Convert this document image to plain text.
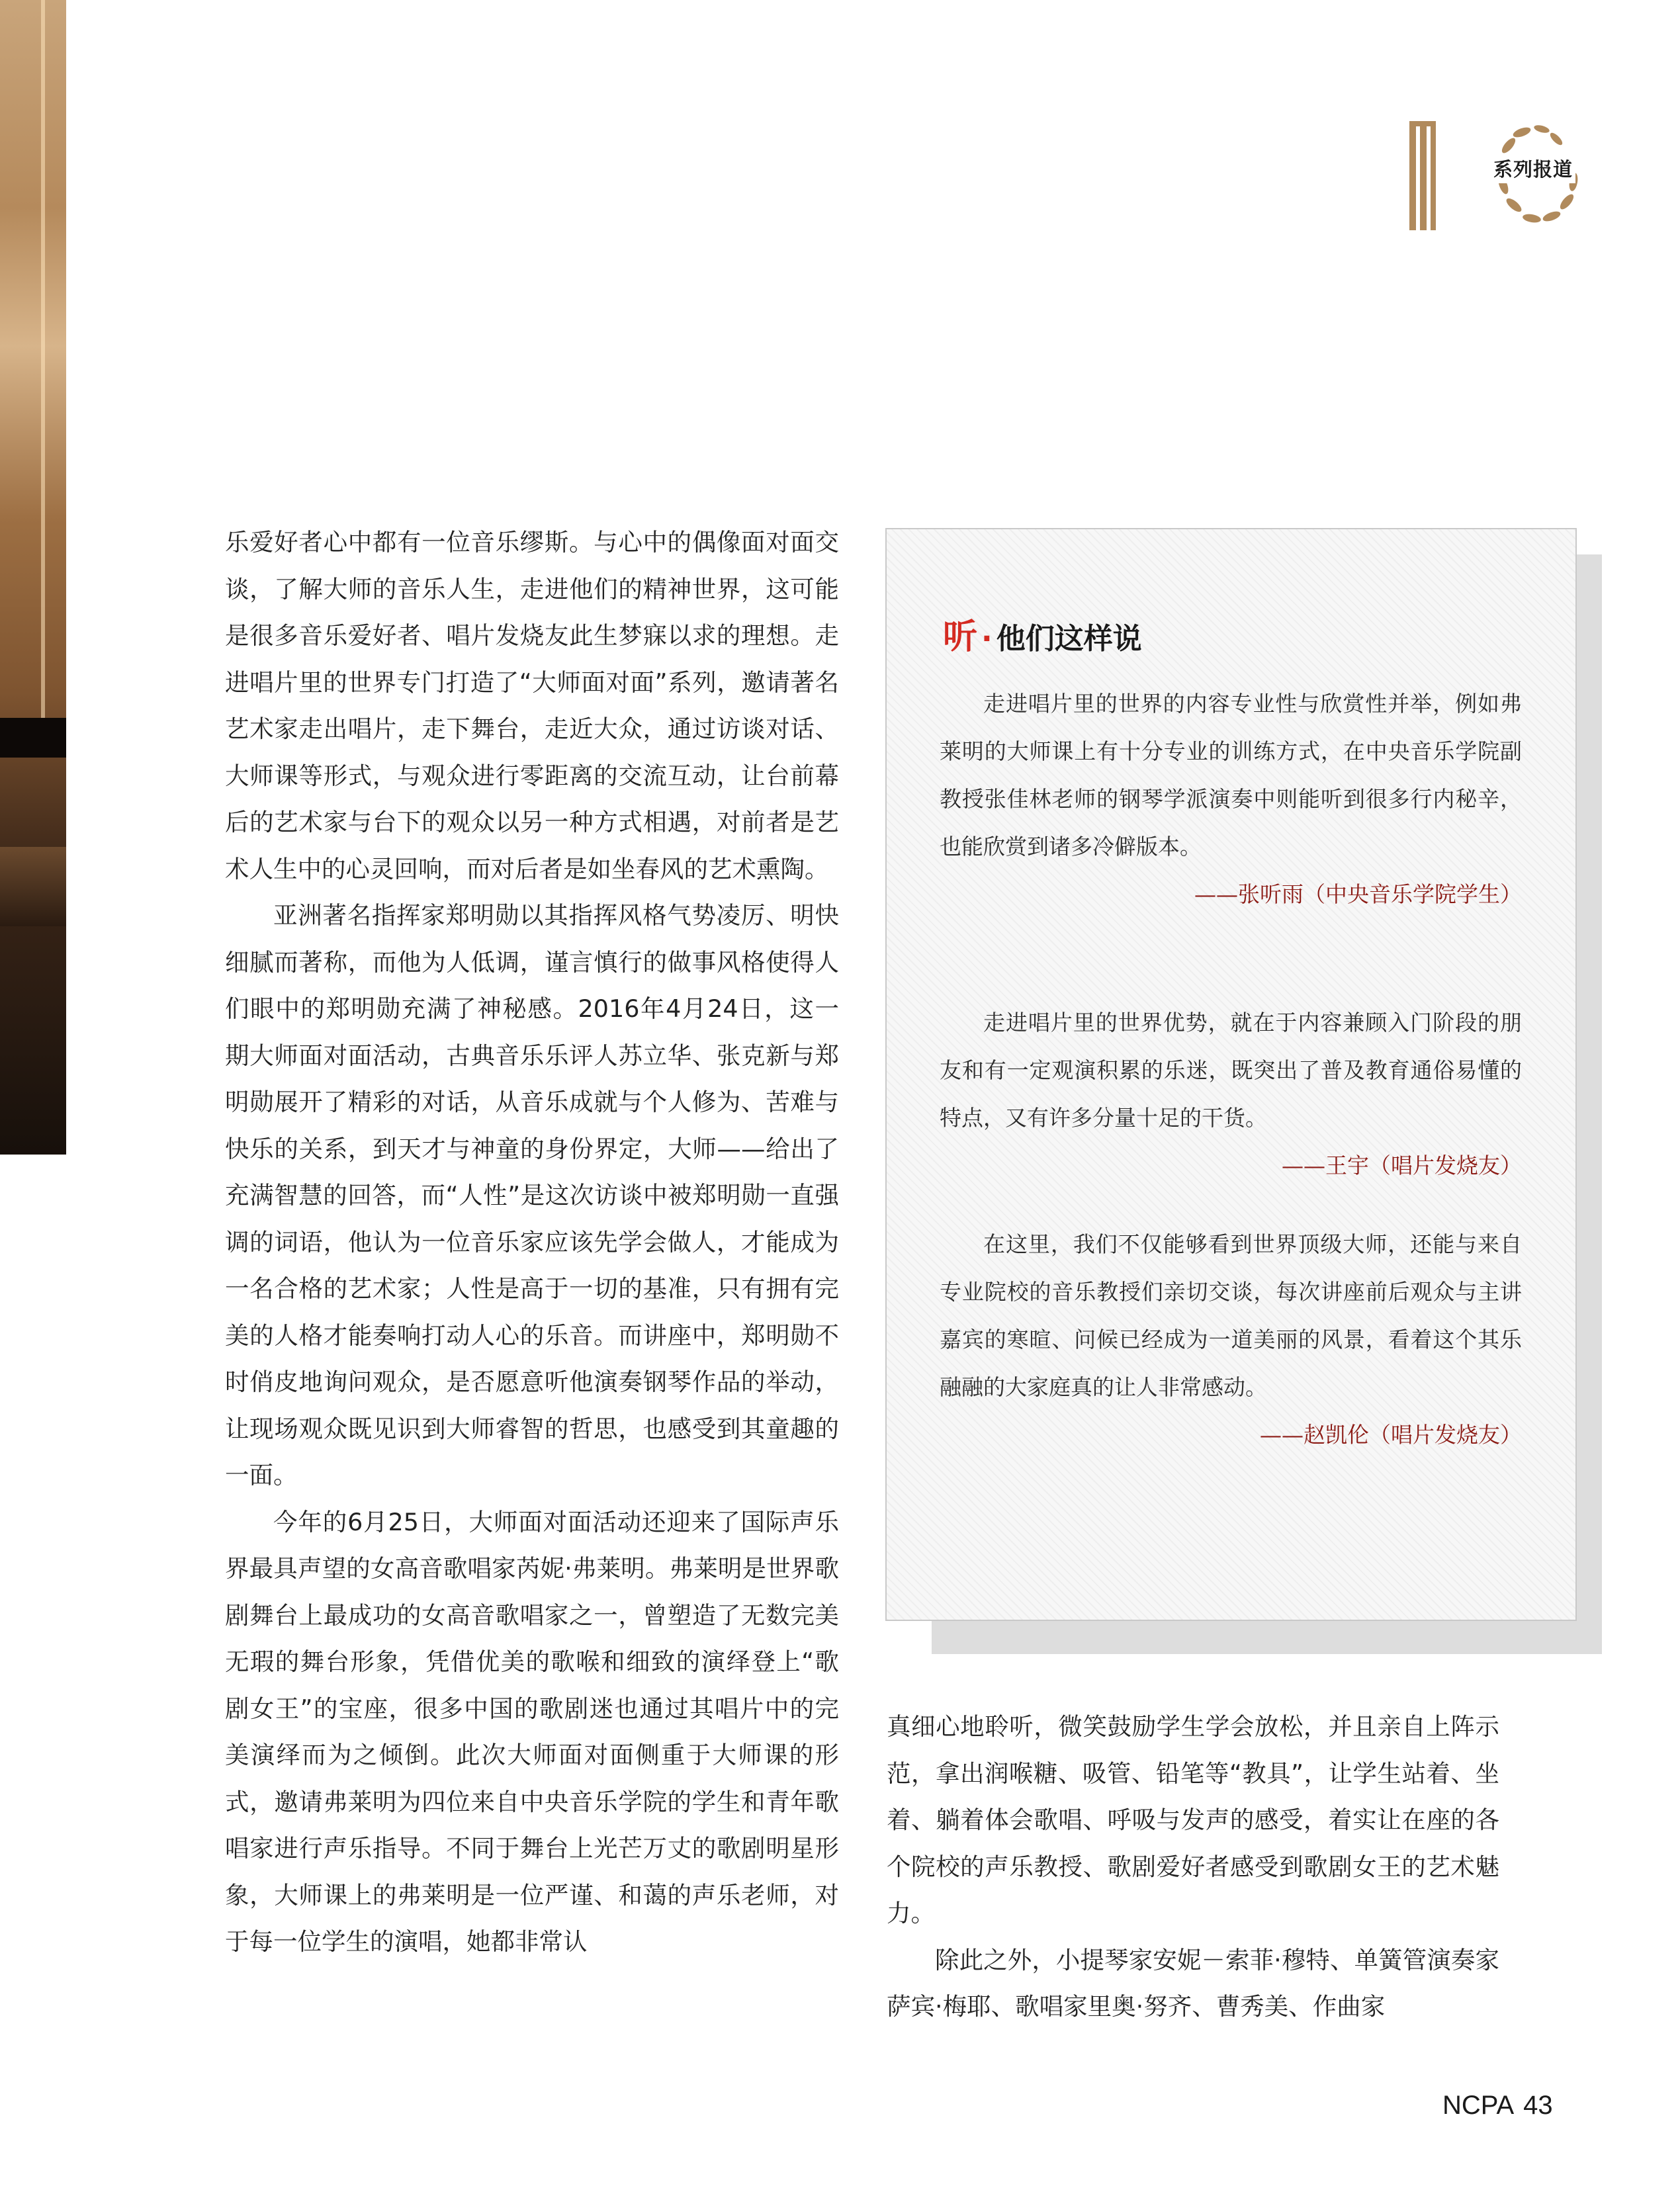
系列报道

乐爱好者心中都有一位音乐缪斯。与心中的偶像面对面交谈，了解大师的音乐人生，走进他们的精神世界，这可能是很多音乐爱好者、唱片发烧友此生梦寐以求的理想。走进唱片里的世界专门打造了“大师面对面”系列，邀请著名艺术家走出唱片，走下舞台，走近大众，通过访谈对话、大师课等形式，与观众进行零距离的交流互动，让台前幕后的艺术家与台下的观众以另一种方式相遇，对前者是艺术人生中的心灵回响，而对后者是如坐春风的艺术熏陶。

亚洲著名指挥家郑明勋以其指挥风格气势凌厉、明快细腻而著称，而他为人低调，谨言慎行的做事风格使得人们眼中的郑明勋充满了神秘感。2016年4月24日，这一期大师面对面活动，古典音乐乐评人苏立华、张克新与郑明勋展开了精彩的对话，从音乐成就与个人修为、苦难与快乐的关系，到天才与神童的身份界定，大师——给出了充满智慧的回答，而“人性”是这次访谈中被郑明勋一直强调的词语，他认为一位音乐家应该先学会做人，才能成为一名合格的艺术家；人性是高于一切的基准，只有拥有完美的人格才能奏响打动人心的乐音。而讲座中，郑明勋不时俏皮地询问观众，是否愿意听他演奏钢琴作品的举动，让现场观众既见识到大师睿智的哲思，也感受到其童趣的一面。

今年的6月25日，大师面对面活动还迎来了国际声乐界最具声望的女高音歌唱家芮妮·弗莱明。弗莱明是世界歌剧舞台上最成功的女高音歌唱家之一，曾塑造了无数完美无瑕的舞台形象，凭借优美的歌喉和细致的演绎登上“歌剧女王”的宝座，很多中国的歌剧迷也通过其唱片中的完美演绎而为之倾倒。此次大师面对面侧重于大师课的形式，邀请弗莱明为四位来自中央音乐学院的学生和青年歌唱家进行声乐指导。不同于舞台上光芒万丈的歌剧明星形象，大师课上的弗莱明是一位严谨、和蔼的声乐老师，对于每一位学生的演唱，她都非常认

听 · 他们这样说

走进唱片里的世界的内容专业性与欣赏性并举，例如弗莱明的大师课上有十分专业的训练方式，在中央音乐学院副教授张佳林老师的钢琴学派演奏中则能听到很多行内秘辛，也能欣赏到诸多冷僻版本。

——张听雨（中央音乐学院学生）

走进唱片里的世界优势，就在于内容兼顾入门阶段的朋友和有一定观演积累的乐迷，既突出了普及教育通俗易懂的特点，又有许多分量十足的干货。

——王宇（唱片发烧友）

在这里，我们不仅能够看到世界顶级大师，还能与来自专业院校的音乐教授们亲切交谈，每次讲座前后观众与主讲嘉宾的寒暄、问候已经成为一道美丽的风景，看着这个其乐融融的大家庭真的让人非常感动。

——赵凯伦（唱片发烧友）

真细心地聆听，微笑鼓励学生学会放松，并且亲自上阵示范，拿出润喉糖、吸管、铅笔等“教具”，让学生站着、坐着、躺着体会歌唱、呼吸与发声的感受，着实让在座的各个院校的声乐教授、歌剧爱好者感受到歌剧女王的艺术魅力。

除此之外，小提琴家安妮－索菲·穆特、单簧管演奏家萨宾·梅耶、歌唱家里奥·努齐、曹秀美、作曲家

NCPA 43
